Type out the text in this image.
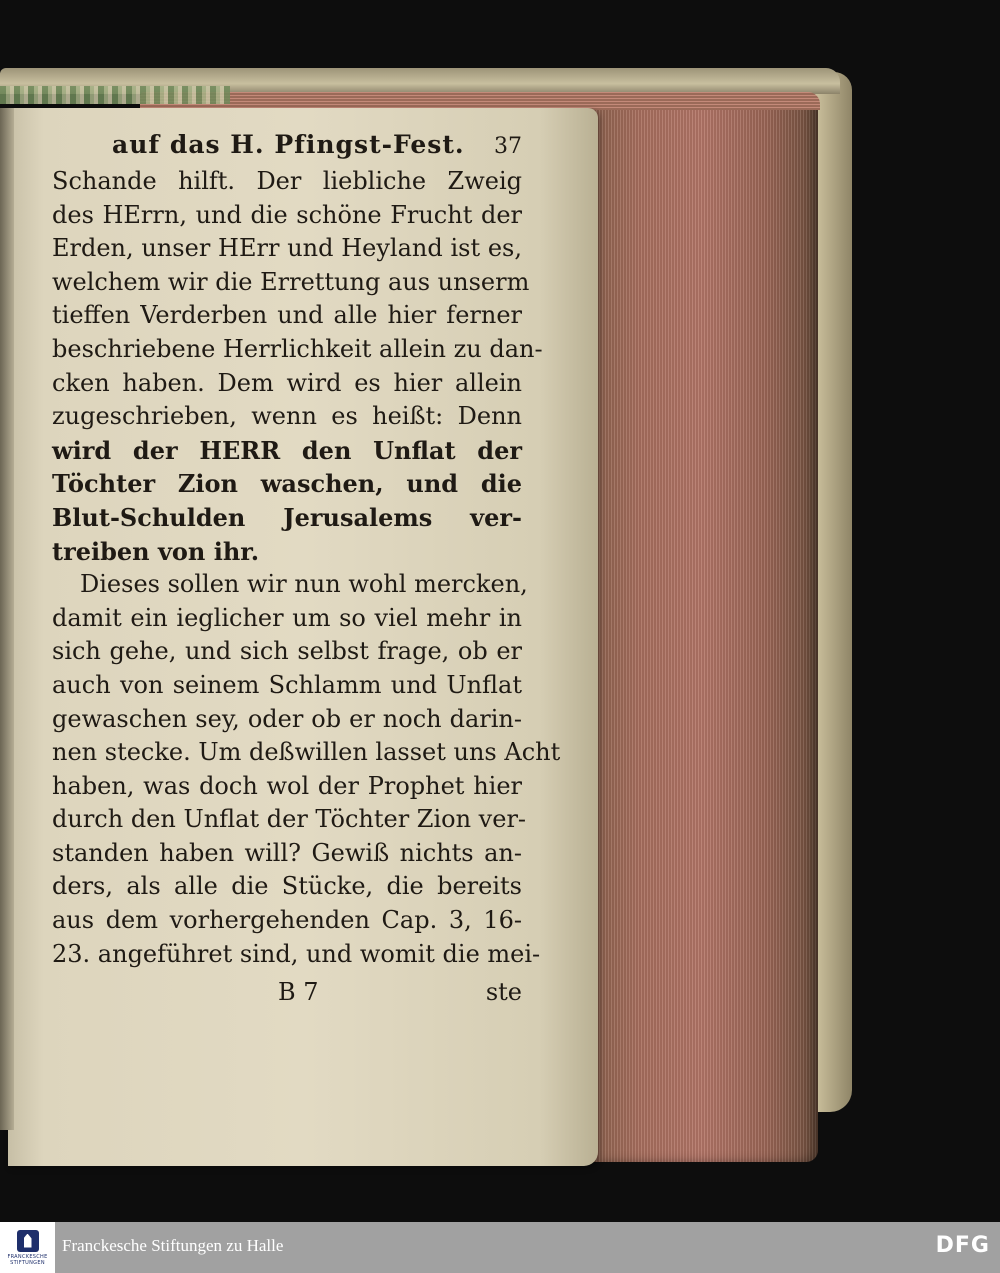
auf das H. Pfingst-Fest. 37
Schande hilft. Der liebliche Zweig
des HErrn, und die schöne Frucht der
Erden, unser HErr und Heyland ist es,
welchem wir die Errettung aus unserm
tieffen Verderben und alle hier ferner
beschriebene Herrlichkeit allein zu dan-
cken haben. Dem wird es hier allein
zugeschrieben, wenn es heißt: Denn
wird der HERR den Unflat der
Töchter Zion waschen, und die
Blut-Schulden Jerusalems ver-
treiben von ihr.
Dieses sollen wir nun wohl mercken,
damit ein ieglicher um so viel mehr in
sich gehe, und sich selbst frage, ob er
auch von seinem Schlamm und Unflat
gewaschen sey, oder ob er noch darin-
nen stecke. Um deßwillen lasset uns Acht
haben, was doch wol der Prophet hier
durch den Unflat der Töchter Zion ver-
standen haben will? Gewiß nichts an-
ders, als alle die Stücke, die bereits
aus dem vorhergehenden Cap. 3, 16-
23. angeführet sind, und womit die mei-
B 7	ste
FRANCKESCHE STIFTUNGEN
Franckesche Stiftungen zu Halle	DFG
